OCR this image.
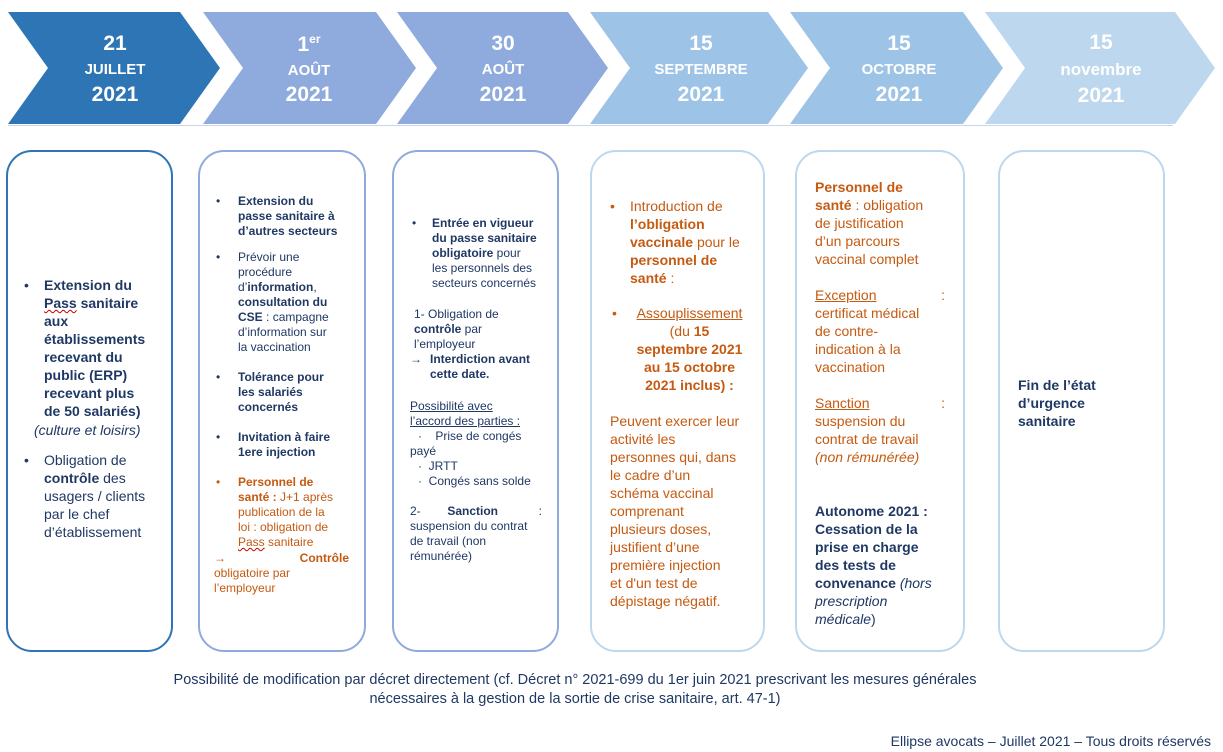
21
JUILLET
2021
1er
AOÛT
2021
30
AOÛT
2021
15
SEPTEMBRE
2021
15
OCTOBRE
2021
15
novembre
2021
• Extension du
Pass sanitaire
aux
établissements
recevant du
public (ERP)
recevant plus
de 50 salariés)
(culture et loisirs)
• Obligation de
contrôle des
usagers / clients
par le chef
d’établissement
• Extension du
passe sanitaire à
d’autres secteurs
• Prévoir une
procédure
d’information,
consultation du
CSE : campagne
d’information sur
la vaccination
• Tolérance pour
les salariés
concernés
• Invitation à faire
1ere injection
• Personnel de
santé : J+1 après
publication de la
loi : obligation de
Pass sanitaire
→	Contrôle
obligatoire par
l’employeur
• Entrée en vigueur
du passe sanitaire
obligatoire pour
les personnels des
secteurs concernés
1- Obligation de
contrôle par
l’employeur
→ Interdiction avant
cette date.
Possibilité avec
l’accord des parties :
· Prise de congés
payé
· JRTT
· Congés sans solde
2- Sanction	:
suspension du contrat
de travail (non
rémunérée)
• Introduction de
l’obligation
vaccinale pour le
personnel de
santé :
•	Assouplissement
(du 15
septembre 2021
au 15 octobre
2021 inclus) :
Peuvent exercer leur
activité les
personnes qui, dans
le cadre d’un
schéma vaccinal
comprenant
plusieurs doses,
justifient d’une
première injection
et d'un test de
dépistage négatif.
Personnel de
santé : obligation
de justification
d’un parcours
vaccinal complet
Exception	:
certificat médical
de contre-
indication à la
vaccination
Sanction	:
suspension du
contrat de travail
(non rémunérée)
Autonome 2021 :
Cessation de la
prise en charge
des tests de
convenance (hors
prescription
médicale)
Fin de l’état
d’urgence
sanitaire
Possibilité de modification par décret directement (cf. Décret n° 2021-699 du 1er juin 2021 prescrivant les mesures générales
nécessaires à la gestion de la sortie de crise sanitaire, art. 47-1)
Ellipse avocats – Juillet 2021 – Tous droits réservés
